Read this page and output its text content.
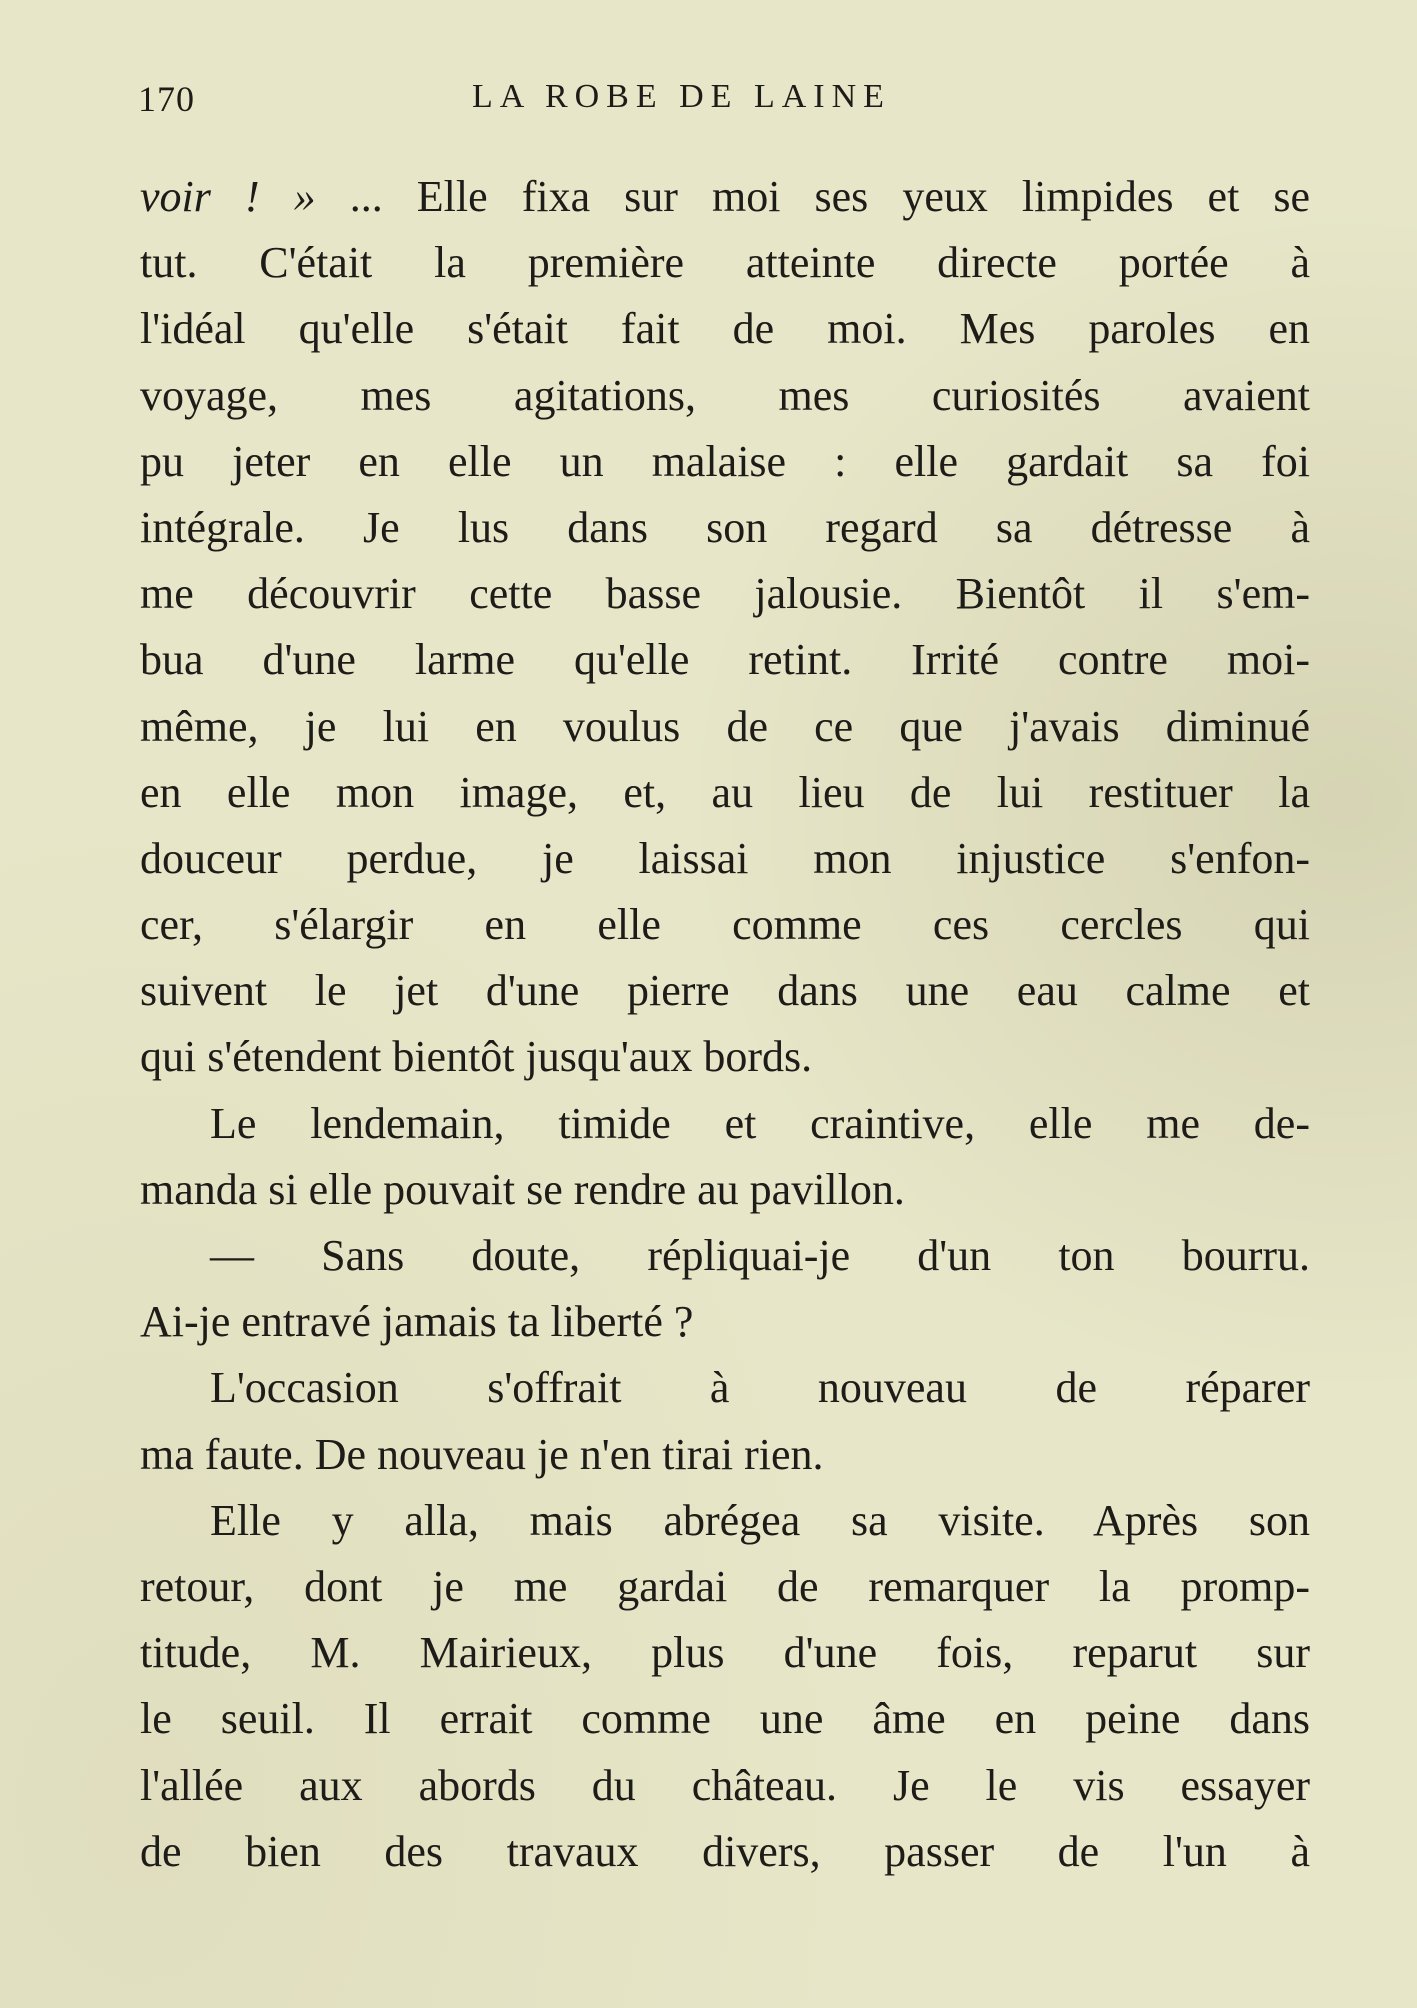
170	LA ROBE DE LAINE
voir ! » ... Elle fixa sur moi ses yeux limpides et se
tut. C'était la première atteinte directe portée à
l'idéal qu'elle s'était fait de moi. Mes paroles en
voyage, mes agitations, mes curiosités avaient
pu jeter en elle un malaise : elle gardait sa foi
intégrale. Je lus dans son regard sa détresse à
me découvrir cette basse jalousie. Bientôt il s'em-
bua d'une larme qu'elle retint. Irrité contre moi-
même, je lui en voulus de ce que j'avais diminué
en elle mon image, et, au lieu de lui restituer la
douceur perdue, je laissai mon injustice s'enfon-
cer, s'élargir en elle comme ces cercles qui
suivent le jet d'une pierre dans une eau calme et
qui s'étendent bientôt jusqu'aux bords.
Le lendemain, timide et craintive, elle me de-
manda si elle pouvait se rendre au pavillon.
— Sans doute, répliquai-je d'un ton bourru.
Ai-je entravé jamais ta liberté ?
L'occasion s'offrait à nouveau de réparer
ma faute. De nouveau je n'en tirai rien.
Elle y alla, mais abrégea sa visite. Après son
retour, dont je me gardai de remarquer la promp-
titude, M. Mairieux, plus d'une fois, reparut sur
le seuil. Il errait comme une âme en peine dans
l'allée aux abords du château. Je le vis essayer
de bien des travaux divers, passer de l'un à
